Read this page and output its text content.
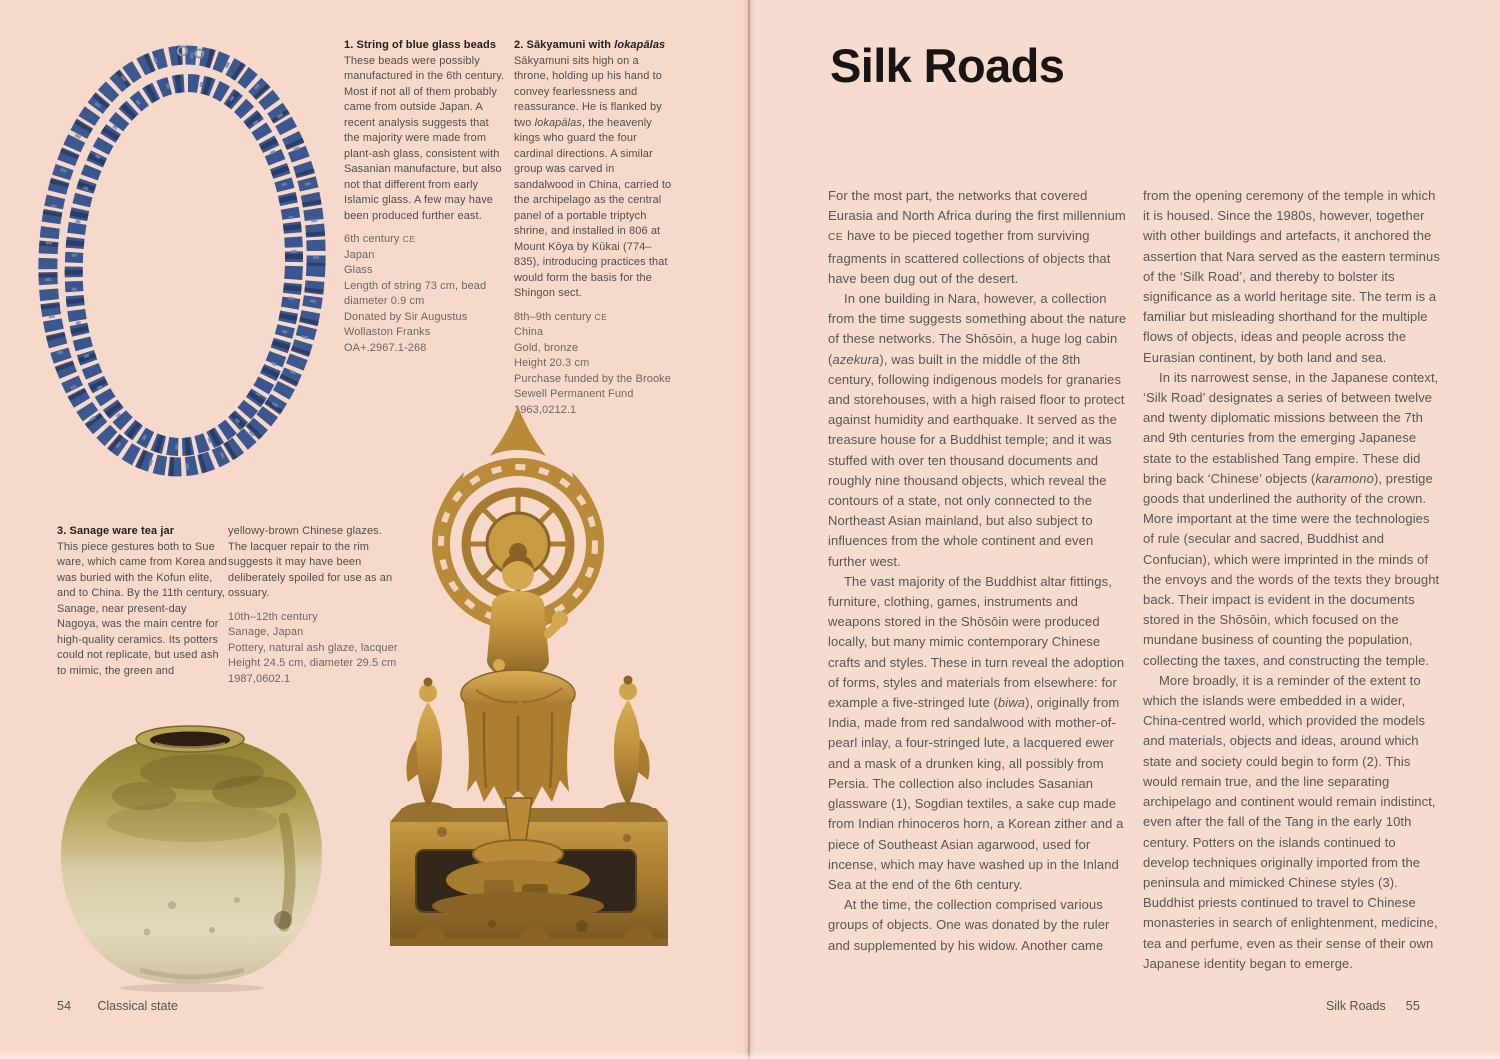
1. String of blue glass beads

These beads were possibly manufactured in the 6th century. Most if not all of them probably came from outside Japan. A recent analysis suggests that the majority were made from plant-ash glass, consistent with Sasanian manufacture, but also not that different from early Islamic glass. A few may have been produced further east.

6th century CE
Japan
Glass
Length of string 73 cm, bead diameter 0.9 cm
Donated by Sir Augustus Wollaston Franks
OA+.2967.1-268

2. Sākyamuni with lokapālas

Sākyamuni sits high on a throne, holding up his hand to convey fearlessness and reassurance. He is flanked by two lokapālas, the heavenly kings who guard the four cardinal directions. A similar group was carved in sandalwood in China, carried to the archipelago as the central panel of a portable triptych shrine, and installed in 806 at Mount Kōya by Kūkai (774–835), introducing practices that would form the basis for the Shingon sect.

8th–9th century CE
China
Gold, bronze
Height 20.3 cm
Purchase funded by the Brooke Sewell Permanent Fund
1963,0212.1

3. Sanage ware tea jar

This piece gestures both to Sue ware, which came from Korea and was buried with the Kofun elite, and to China. By the 11th century, Sanage, near present-day Nagoya, was the main centre for high-quality ceramics. Its potters could not replicate, but used ash to mimic, the green and

yellowy-brown Chinese glazes. The lacquer repair to the rim suggests it may have been deliberately spoiled for use as an ossuary.

10th–12th century
Sanage, Japan
Pottery, natural ash glaze, lacquer
Height 24.5 cm, diameter 29.5 cm
1987,0602.1
54 Classical state
Silk Roads

For the most part, the networks that covered Eurasia and North Africa during the first millennium CE have to be pieced together from surviving fragments in scattered collections of objects that have been dug out of the desert.

In one building in Nara, however, a collection from the time suggests something about the nature of these networks. The Shōsōin, a huge log cabin (azekura), was built in the middle of the 8th century, following indigenous models for granaries and storehouses, with a high raised floor to protect against humidity and earthquake. It served as the treasure house for a Buddhist temple; and it was stuffed with over ten thousand documents and roughly nine thousand objects, which reveal the contours of a state, not only connected to the Northeast Asian mainland, but also subject to influences from the whole continent and even further west.

The vast majority of the Buddhist altar fittings, furniture, clothing, games, instruments and weapons stored in the Shōsōin were produced locally, but many mimic contemporary Chinese crafts and styles. These in turn reveal the adoption of forms, styles and materials from elsewhere: for example a five-stringed lute (biwa), originally from India, made from red sandalwood with mother-of-pearl inlay, a four-stringed lute, a lacquered ewer and a mask of a drunken king, all possibly from Persia. The collection also includes Sasanian glassware (1), Sogdian textiles, a sake cup made from Indian rhinoceros horn, a Korean zither and a piece of Southeast Asian agarwood, used for incense, which may have washed up in the Inland Sea at the end of the 6th century.

At the time, the collection comprised various groups of objects. One was donated by the ruler and supplemented by his widow. Another came

from the opening ceremony of the temple in which it is housed. Since the 1980s, however, together with other buildings and artefacts, it anchored the assertion that Nara served as the eastern terminus of the ‘Silk Road’, and thereby to bolster its significance as a world heritage site. The term is a familiar but misleading shorthand for the multiple flows of objects, ideas and people across the Eurasian continent, by both land and sea.

In its narrowest sense, in the Japanese context, ‘Silk Road’ designates a series of between twelve and twenty diplomatic missions between the 7th and 9th centuries from the emerging Japanese state to the established Tang empire. These did bring back ‘Chinese’ objects (karamono), prestige goods that underlined the authority of the crown. More important at the time were the technologies of rule (secular and sacred, Buddhist and Confucian), which were imprinted in the minds of the envoys and the words of the texts they brought back. Their impact is evident in the documents stored in the Shōsōin, which focused on the mundane business of counting the population, collecting the taxes, and constructing the temple.

More broadly, it is a reminder of the extent to which the islands were embedded in a wider, China-centred world, which provided the models and materials, objects and ideas, around which state and society could begin to form (2). This would remain true, and the line separating archipelago and continent would remain indistinct, even after the fall of the Tang in the early 10th century. Potters on the islands continued to develop techniques originally imported from the peninsula and mimicked Chinese styles (3). Buddhist priests continued to travel to Chinese monasteries in search of enlightenment, medicine, tea and perfume, even as their sense of their own Japanese identity began to emerge.

Silk Roads 55
